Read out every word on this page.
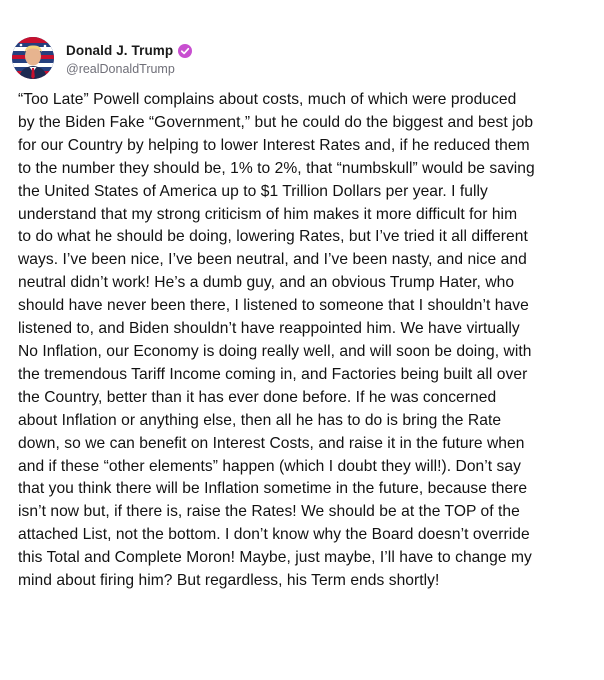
Donald J. Trump
@realDonaldTrump
“Too Late” Powell complains about costs, much of which were produced
by the Biden Fake “Government,” but he could do the biggest and best job
for our Country by helping to lower Interest Rates and, if he reduced them
to the number they should be, 1% to 2%, that “numbskull” would be saving
the United States of America up to $1 Trillion Dollars per year. I fully
understand that my strong criticism of him makes it more difficult for him
to do what he should be doing, lowering Rates, but I’ve tried it all different
ways. I’ve been nice, I’ve been neutral, and I’ve been nasty, and nice and
neutral didn’t work! He’s a dumb guy, and an obvious Trump Hater, who
should have never been there, I listened to someone that I shouldn’t have
listened to, and Biden shouldn’t have reappointed him. We have virtually
No Inflation, our Economy is doing really well, and will soon be doing, with
the tremendous Tariff Income coming in, and Factories being built all over
the Country, better than it has ever done before. If he was concerned
about Inflation or anything else, then all he has to do is bring the Rate
down, so we can benefit on Interest Costs, and raise it in the future when
and if these “other elements” happen (which I doubt they will!). Don’t say
that you think there will be Inflation sometime in the future, because there
isn’t now but, if there is, raise the Rates! We should be at the TOP of the
attached List, not the bottom. I don’t know why the Board doesn’t override
this Total and Complete Moron! Maybe, just maybe, I’ll have to change my
mind about firing him? But regardless, his Term ends shortly!
